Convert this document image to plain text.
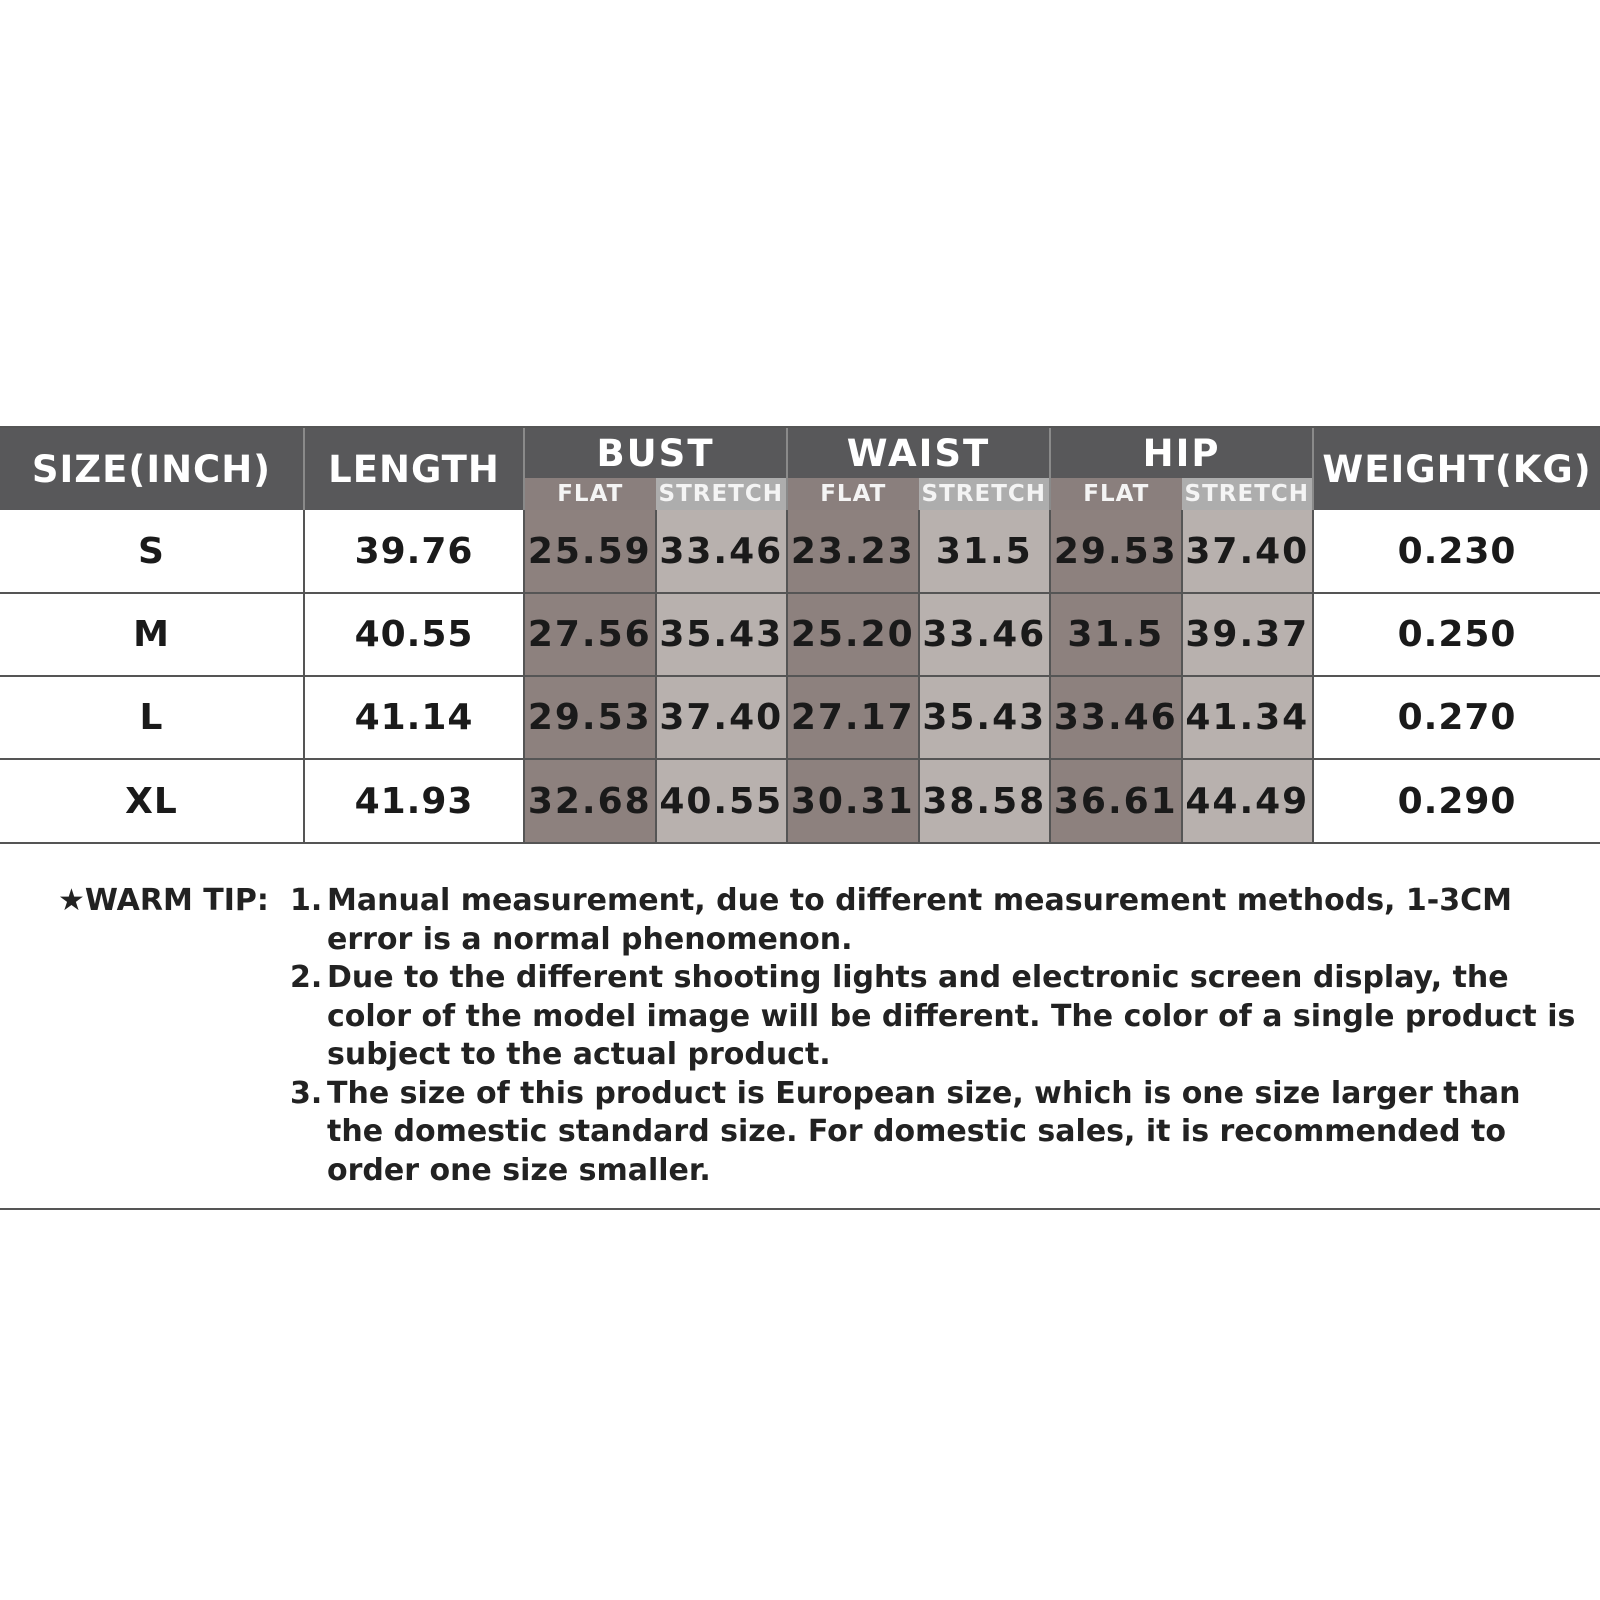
SIZE(INCH)	LENGTH	BUST		WAIST		HIP		WEIGHT(KG)
		FLAT	STRETCH	FLAT	STRETCH	FLAT	STRETCH	
S	39.76	25.59	33.46	23.23	31.5	29.53	37.40	0.230
M	40.55	27.56	35.43	25.20	33.46	31.5	39.37	0.250
L	41.14	29.53	37.40	27.17	35.43	33.46	41.34	0.270
XL	41.93	32.68	40.55	30.31	38.58	36.61	44.49	0.290
★WARM TIP: 1. Manual measurement, due to different measurement methods, 1-3CM error is a normal phenomenon.
2. Due to the different shooting lights and electronic screen display, the color of the model image will be different. The color of a single product is subject to the actual product.
3. The size of this product is European size, which is one size larger than the domestic standard size. For domestic sales, it is recommended to order one size smaller.
